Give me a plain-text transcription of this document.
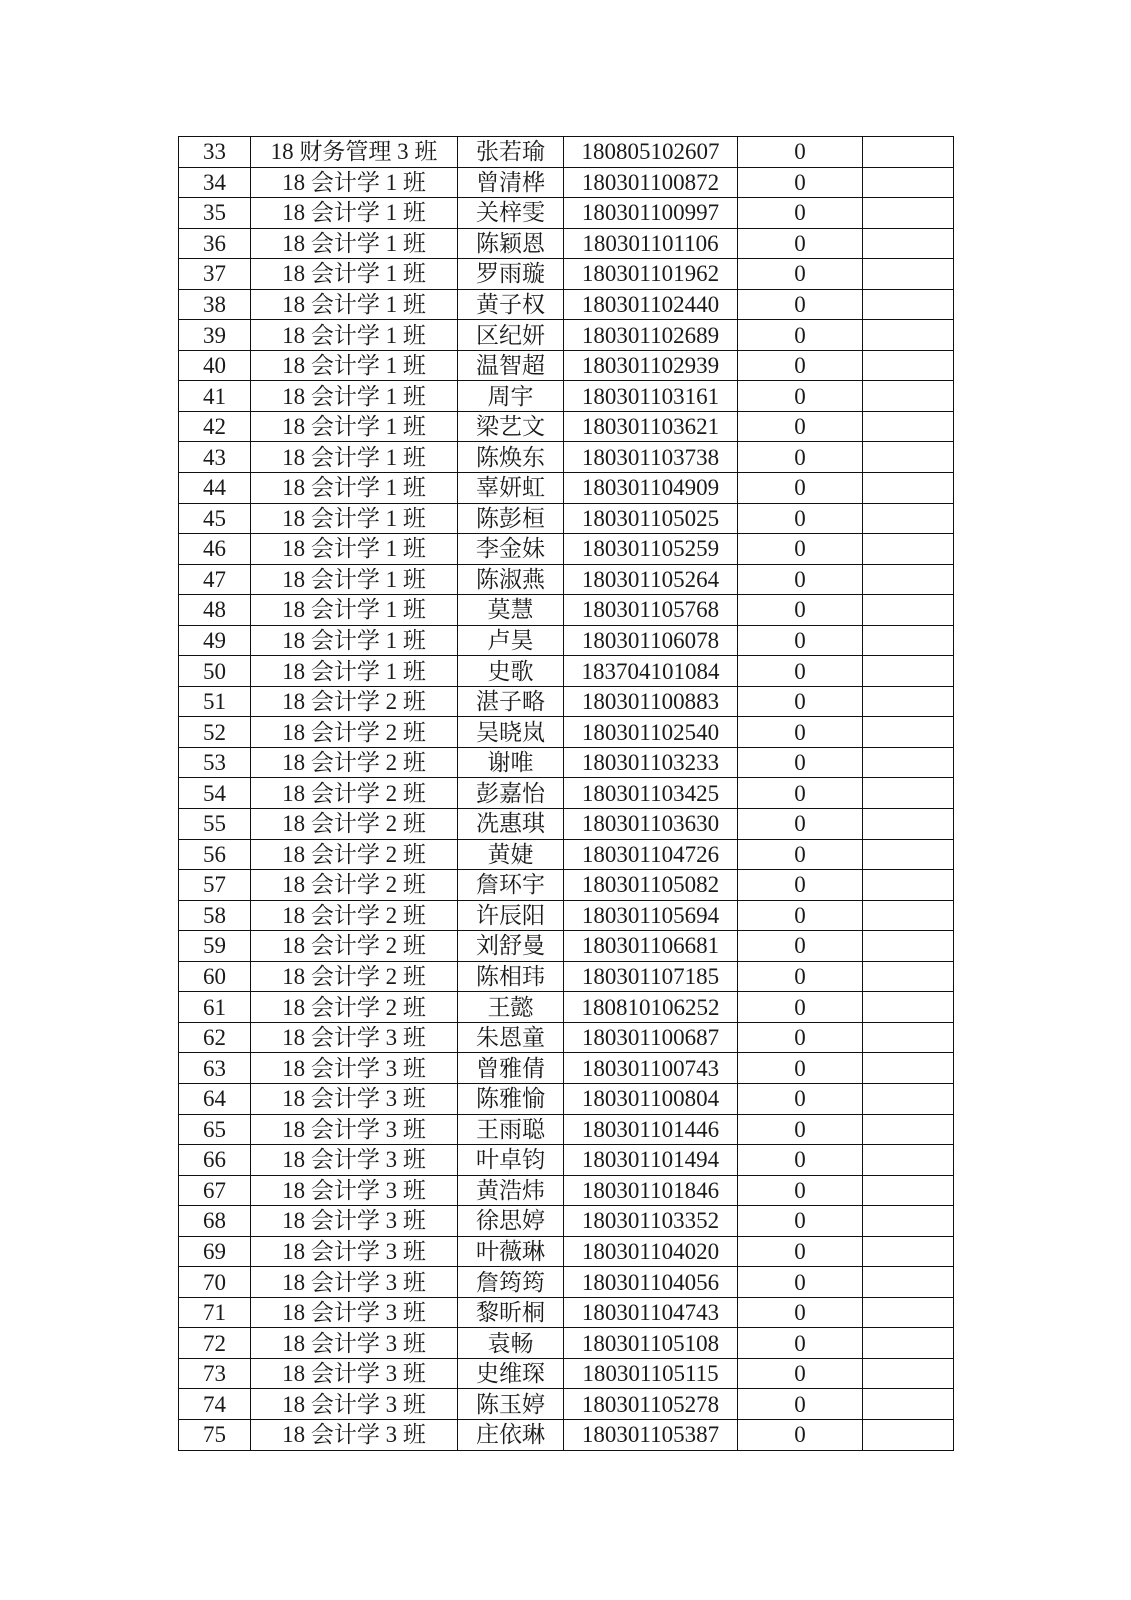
33	18 财务管理 3 班	张若瑜	180805102607	0	
34	18 会计学 1 班	曾清桦	180301100872	0	
35	18 会计学 1 班	关梓雯	180301100997	0	
36	18 会计学 1 班	陈颖恩	180301101106	0	
37	18 会计学 1 班	罗雨璇	180301101962	0	
38	18 会计学 1 班	黄子权	180301102440	0	
39	18 会计学 1 班	区纪妍	180301102689	0	
40	18 会计学 1 班	温智超	180301102939	0	
41	18 会计学 1 班	周宇	180301103161	0	
42	18 会计学 1 班	梁艺文	180301103621	0	
43	18 会计学 1 班	陈焕东	180301103738	0	
44	18 会计学 1 班	辜妍虹	180301104909	0	
45	18 会计学 1 班	陈彭桓	180301105025	0	
46	18 会计学 1 班	李金妹	180301105259	0	
47	18 会计学 1 班	陈淑燕	180301105264	0	
48	18 会计学 1 班	莫慧	180301105768	0	
49	18 会计学 1 班	卢昊	180301106078	0	
50	18 会计学 1 班	史歌	183704101084	0	
51	18 会计学 2 班	湛子略	180301100883	0	
52	18 会计学 2 班	吴晓岚	180301102540	0	
53	18 会计学 2 班	谢唯	180301103233	0	
54	18 会计学 2 班	彭嘉怡	180301103425	0	
55	18 会计学 2 班	冼惠琪	180301103630	0	
56	18 会计学 2 班	黄婕	180301104726	0	
57	18 会计学 2 班	詹环宇	180301105082	0	
58	18 会计学 2 班	许辰阳	180301105694	0	
59	18 会计学 2 班	刘舒曼	180301106681	0	
60	18 会计学 2 班	陈相玮	180301107185	0	
61	18 会计学 2 班	王懿	180810106252	0	
62	18 会计学 3 班	朱恩童	180301100687	0	
63	18 会计学 3 班	曾雅倩	180301100743	0	
64	18 会计学 3 班	陈雅愉	180301100804	0	
65	18 会计学 3 班	王雨聪	180301101446	0	
66	18 会计学 3 班	叶卓钧	180301101494	0	
67	18 会计学 3 班	黄浩炜	180301101846	0	
68	18 会计学 3 班	徐思婷	180301103352	0	
69	18 会计学 3 班	叶薇琳	180301104020	0	
70	18 会计学 3 班	詹筠筠	180301104056	0	
71	18 会计学 3 班	黎昕桐	180301104743	0	
72	18 会计学 3 班	袁畅	180301105108	0	
73	18 会计学 3 班	史维琛	180301105115	0	
74	18 会计学 3 班	陈玉婷	180301105278	0	
75	18 会计学 3 班	庄依琳	180301105387	0	
